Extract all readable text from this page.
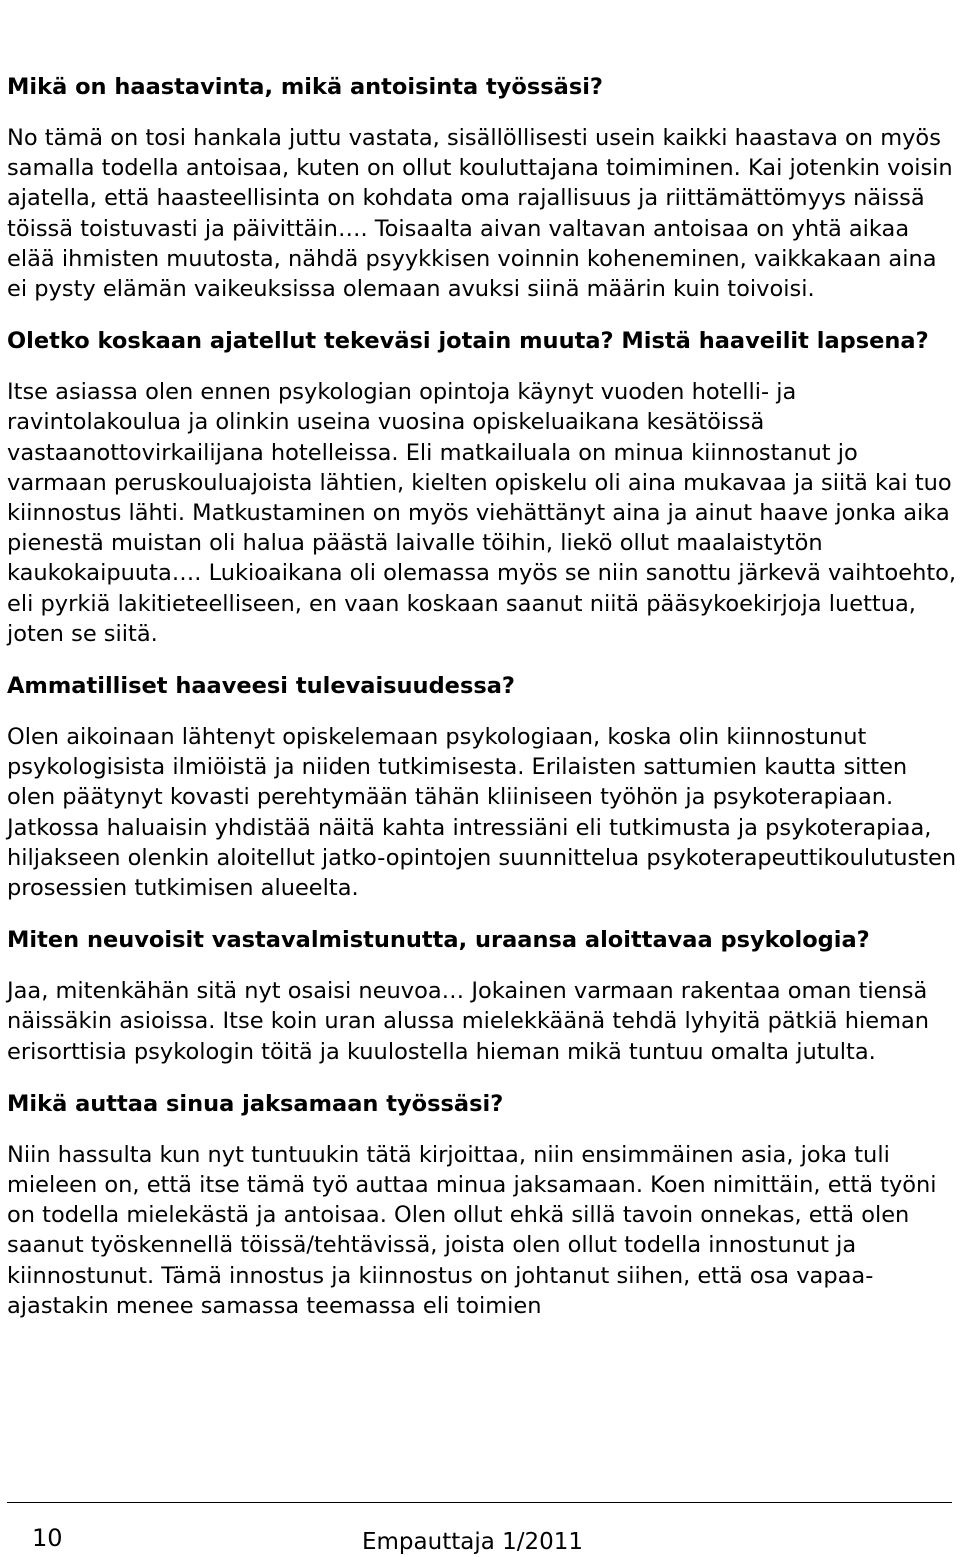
Mikä on haastavinta, mikä antoisinta työssäsi?

No tämä on tosi hankala juttu vastata, sisällöllisesti usein kaikki haastava on myös samalla todella antoisaa, kuten on ollut kouluttajana toimiminen. Kai jotenkin voisin ajatella, että haasteellisinta on kohdata oma rajallisuus ja riittämättömyys näissä töissä toistuvasti ja päivittäin…. Toisaalta aivan valtavan antoisaa on yhtä aikaa elää ihmisten muutosta, nähdä psyykkisen voinnin koheneminen, vaikkakaan aina ei pysty elämän vaikeuksissa olemaan avuksi siinä määrin kuin toivoisi.

Oletko koskaan ajatellut tekeväsi jotain muuta? Mistä haaveilit lapsena?

Itse asiassa olen ennen psykologian opintoja käynyt vuoden hotelli- ja ravintolakoulua ja olinkin useina vuosina opiskeluaikana kesätöissä vastaanottovirkailijana hotelleissa. Eli matkailuala on minua kiinnostanut jo varmaan peruskouluajoista lähtien, kielten opiskelu oli aina mukavaa ja siitä kai tuo kiinnostus lähti. Matkustaminen on myös viehättänyt aina ja ainut haave jonka aika pienestä muistan oli halua päästä laivalle töihin, liekö ollut maalaistytön kaukokaipuuta…. Lukioaikana oli olemassa myös se niin sanottu järkevä vaihtoehto, eli pyrkiä lakitieteelliseen, en vaan koskaan saanut niitä pääsykoekirjoja luettua, joten se siitä.

Ammatilliset haaveesi tulevaisuudessa?

Olen aikoinaan lähtenyt opiskelemaan psykologiaan, koska olin kiinnostunut psykologisista ilmiöistä ja niiden tutkimisesta. Erilaisten sattumien kautta sitten olen päätynyt kovasti perehtymään tähän kliiniseen työhön ja psykoterapiaan. Jatkossa haluaisin yhdistää näitä kahta intressiäni eli tutkimusta ja psykoterapiaa, hiljakseen olenkin aloitellut jatko-opintojen suunnittelua psykoterapeuttikoulutusten prosessien tutkimisen alueelta.

Miten neuvoisit vastavalmistunutta, uraansa aloittavaa psykologia?

Jaa, mitenkähän sitä nyt osaisi neuvoa… Jokainen varmaan rakentaa oman tiensä näissäkin asioissa. Itse koin uran alussa mielekkäänä tehdä lyhyitä pätkiä hieman erisorttisia psykologin töitä ja kuulostella hieman mikä tuntuu omalta jutulta.

Mikä auttaa sinua jaksamaan työssäsi?

Niin hassulta kun nyt tuntuukin tätä kirjoittaa, niin ensimmäinen asia, joka tuli mieleen on, että itse tämä työ auttaa minua jaksamaan. Koen nimittäin, että työni on todella mielekästä ja antoisaa. Olen ollut ehkä sillä tavoin onnekas, että olen saanut työskennellä töissä/tehtävissä, joista olen ollut todella innostunut ja kiinnostunut. Tämä innostus ja kiinnostus on johtanut siihen, että osa vapaa-ajastakin menee samassa teemassa eli toimien

10	Empauttaja 1/2011
